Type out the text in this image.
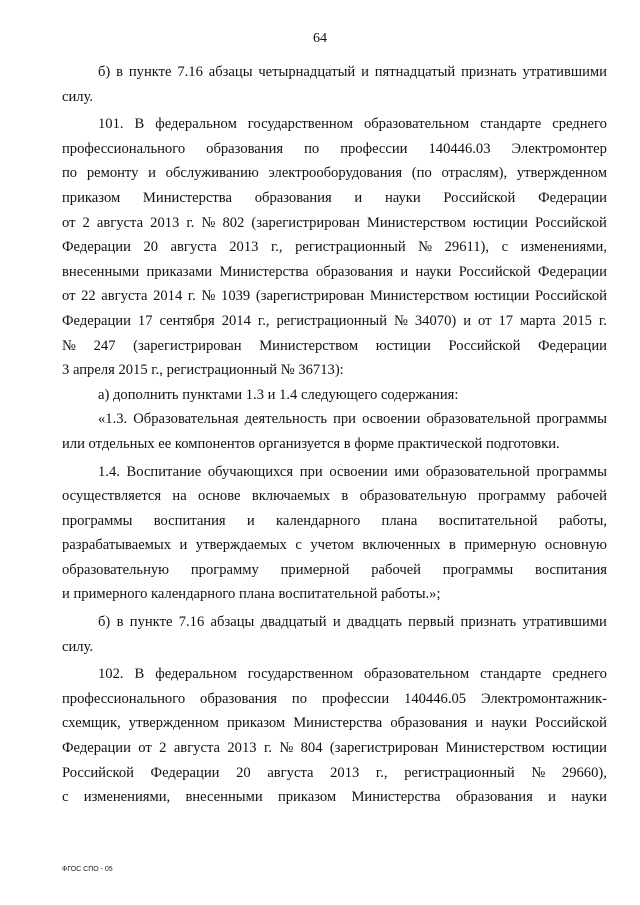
64
б) в пункте 7.16 абзацы четырнадцатый и пятнадцатый признать утратившими
силу.
101. В федеральном государственном образовательном стандарте среднего
профессионального образования по профессии 140446.03 Электромонтер
по ремонту и обслуживанию электрооборудования (по отраслям), утвержденном
приказом Министерства образования и науки Российской Федерации
от 2 августа 2013 г. № 802 (зарегистрирован Министерством юстиции Российской
Федерации 20 августа 2013 г., регистрационный № 29611), с изменениями,
внесенными приказами Министерства образования и науки Российской Федерации
от 22 августа 2014 г. № 1039 (зарегистрирован Министерством юстиции Российской
Федерации 17 сентября 2014 г., регистрационный № 34070) и от 17 марта 2015 г.
№ 247 (зарегистрирован Министерством юстиции Российской Федерации
3 апреля 2015 г., регистрационный № 36713):
а) дополнить пунктами 1.3 и 1.4 следующего содержания:
«1.3. Образовательная деятельность при освоении образовательной программы
или отдельных ее компонентов организуется в форме практической подготовки.
1.4. Воспитание обучающихся при освоении ими образовательной программы
осуществляется на основе включаемых в образовательную программу рабочей
программы воспитания и календарного плана воспитательной работы,
разрабатываемых и утверждаемых с учетом включенных в примерную основную
образовательную программу примерной рабочей программы воспитания
и примерного календарного плана воспитательной работы.»;
б) в пункте 7.16 абзацы двадцатый и двадцать первый признать утратившими
силу.
102. В федеральном государственном образовательном стандарте среднего
профессионального образования по профессии 140446.05 Электромонтажник-
схемщик, утвержденном приказом Министерства образования и науки Российской
Федерации от 2 августа 2013 г. № 804 (зарегистрирован Министерством юстиции
Российской Федерации 20 августа 2013 г., регистрационный № 29660),
с изменениями, внесенными приказом Министерства образования и науки
ФГОС СПО - 05
